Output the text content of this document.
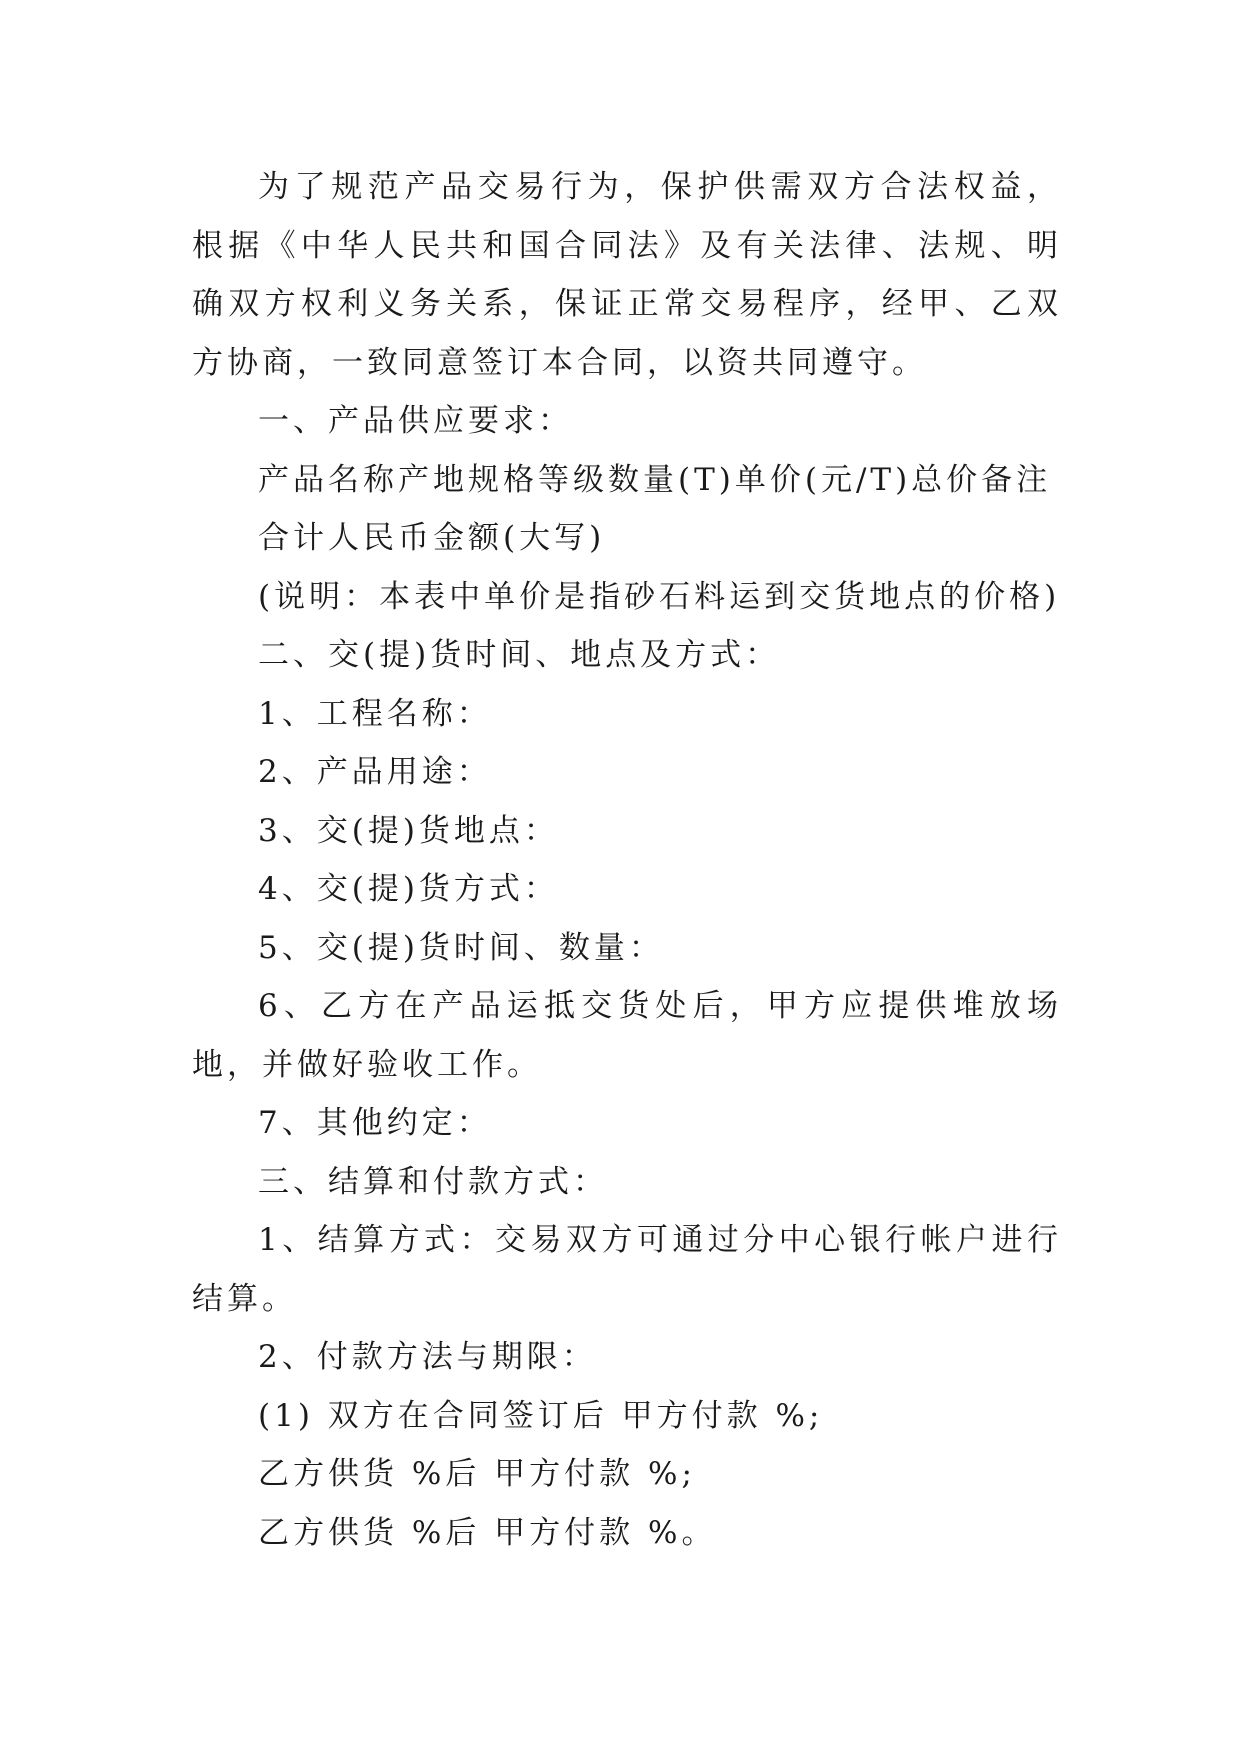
为了规范产品交易行为，保护供需双方合法权益，根据《中华人民共和国合同法》及有关法律、法规、明确双方权利义务关系，保证正常交易程序，经甲、乙双方协商，一致同意签订本合同，以资共同遵守。

一、产品供应要求：

产品名称产地规格等级数量(T)单价(元/T)总价备注

合计人民币金额(大写)

(说明：本表中单价是指砂石料运到交货地点的价格)

二、交(提)货时间、地点及方式：

1、工程名称：

2、产品用途：

3、交(提)货地点：

4、交(提)货方式：

5、交(提)货时间、数量：

6、乙方在产品运抵交货处后，甲方应提供堆放场地，并做好验收工作。

7、其他约定：

三、结算和付款方式：

1、结算方式：交易双方可通过分中心银行帐户进行结算。

2、付款方法与期限：

(1) 双方在合同签订后 甲方付款 %;

乙方供货 %后 甲方付款 %;

乙方供货 %后 甲方付款 %。
